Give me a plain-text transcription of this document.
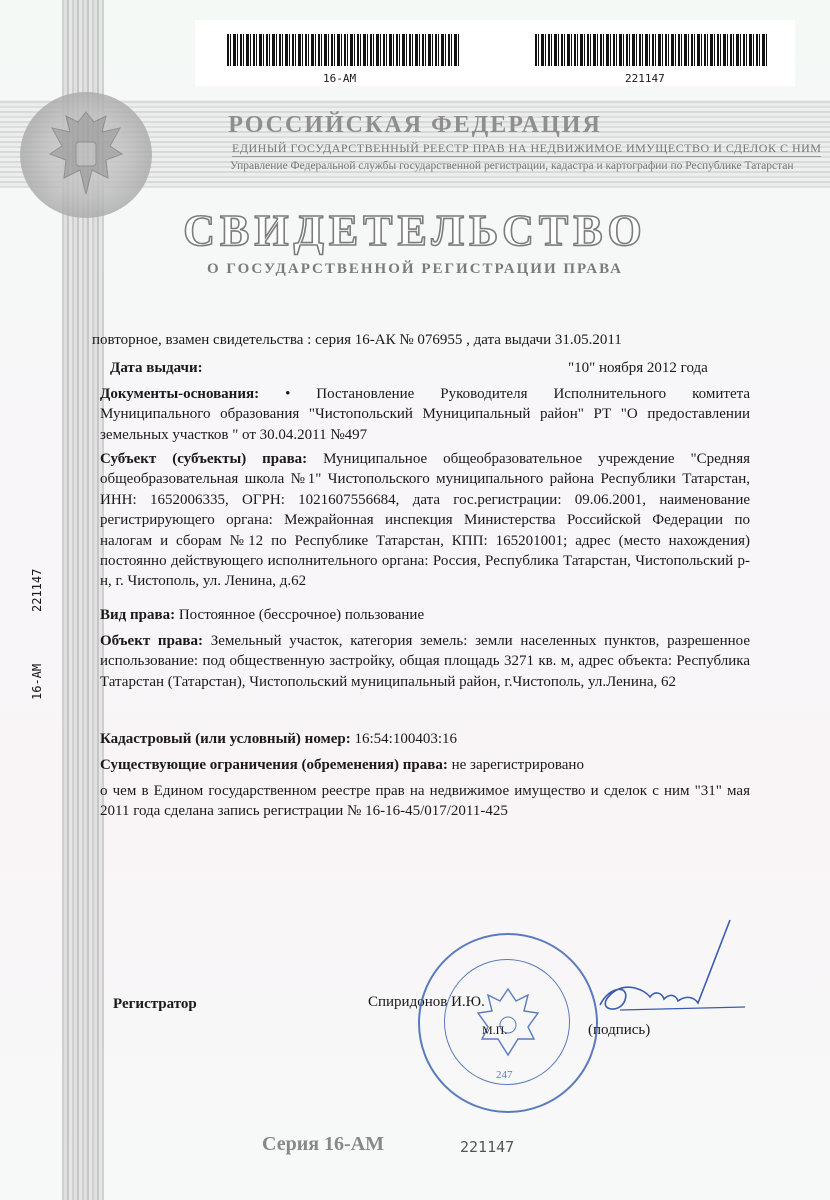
16-АМ	221147
РОССИЙСКАЯ ФЕДЕРАЦИЯ
ЕДИНЫЙ ГОСУДАРСТВЕННЫЙ РЕЕСТР ПРАВ НА НЕДВИЖИМОЕ ИМУЩЕСТВО И СДЕЛОК С НИМ
Управление Федеральной службы государственной регистрации, кадастра и картографии по Республике Татарстан
СВИДЕТЕЛЬСТВО
О ГОСУДАРСТВЕННОЙ РЕГИСТРАЦИИ ПРАВА
221147
16-АМ
повторное, взамен свидетельства : серия 16-АК № 076955 , дата выдачи 31.05.2011
Дата выдачи:	"10" ноября 2012 года
Документы-основания: • Постановление Руководителя Исполнительного комитета Муниципального образования "Чистопольский Муниципальный район" РТ "О предоставлении земельных участков " от 30.04.2011 №497
Субъект (субъекты) права: Муниципальное общеобразовательное учреждение "Средняя общеобразовательная школа №1" Чистопольского муниципального района Республики Татарстан, ИНН: 1652006335, ОГРН: 1021607556684, дата гос.регистрации: 09.06.2001, наименование регистрирующего органа: Межрайонная инспекция Министерства Российской Федерации по налогам и сборам №12 по Республике Татарстан, КПП: 165201001; адрес (место нахождения) постоянно действующего исполнительного органа: Россия, Республика Татарстан, Чистопольский р-н, г. Чистополь, ул. Ленина, д.62
Вид права: Постоянное (бессрочное) пользование
Объект права: Земельный участок, категория земель: земли населенных пунктов, разрешенное использование: под общественную застройку, общая площадь 3271 кв. м, адрес объекта: Республика Татарстан (Татарстан), Чистопольский муниципальный район, г.Чистополь, ул.Ленина, 62
Кадастровый (или условный) номер: 16:54:100403:16
Существующие ограничения (обременения) права: не зарегистрировано
о чем в Едином государственном реестре прав на недвижимое имущество и сделок с ним "31" мая 2011 года сделана запись регистрации № 16-16-45/017/2011-425
Регистратор	Спиридонов И.Ю.
247
М.П.	(подпись)
Серия 16-АМ	221147
